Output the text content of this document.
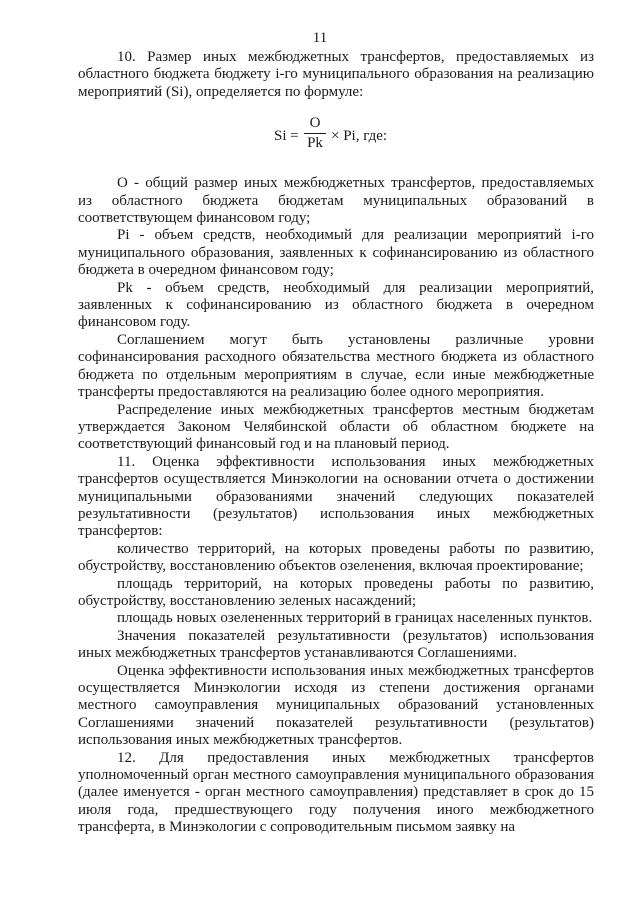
11

10. Размер иных межбюджетных трансфертов, предоставляемых из областного бюджета бюджету i-го муниципального образования на реализацию мероприятий (Si), определяется по формуле:

Si =
O
Pk × Pi, где:

О - общий размер иных межбюджетных трансфертов, предоставляемых из областного бюджета бюджетам муниципальных образований в соответствующем финансовом году;

Pi - объем средств, необходимый для реализации мероприятий i-го муниципального образования, заявленных к софинансированию из областного бюджета в очередном финансовом году;

Pk - объем средств, необходимый для реализации мероприятий, заявленных к софинансированию из областного бюджета в очередном финансовом году.

Соглашением могут быть установлены различные уровни софинансирования расходного обязательства местного бюджета из областного бюджета по отдельным мероприятиям в случае, если иные межбюджетные трансферты предоставляются на реализацию более одного мероприятия.

Распределение иных межбюджетных трансфертов местным бюджетам утверждается Законом Челябинской области об областном бюджете на соответствующий финансовый год и на плановый период.

11. Оценка эффективности использования иных межбюджетных трансфертов осуществляется Минэкологии на основании отчета о достижении муниципальными образованиями значений следующих показателей результативности (результатов) использования иных межбюджетных трансфертов:

количество территорий, на которых проведены работы по развитию, обустройству, восстановлению объектов озеленения, включая проектирование;

площадь территорий, на которых проведены работы по развитию, обустройству, восстановлению зеленых насаждений;

площадь новых озелененных территорий в границах населенных пунктов.

Значения показателей результативности (результатов) использования иных межбюджетных трансфертов устанавливаются Соглашениями.

Оценка эффективности использования иных межбюджетных трансфертов осуществляется Минэкологии исходя из степени достижения органами местного самоуправления муниципальных образований установленных Соглашениями значений показателей результативности (результатов) использования иных межбюджетных трансфертов.

12. Для предоставления иных межбюджетных трансфертов уполномоченный орган местного самоуправления муниципального образования (далее именуется - орган местного самоуправления) представляет в срок до 15 июля года, предшествующего году получения иного межбюджетного трансферта, в Минэкологии с сопроводительным письмом заявку на
